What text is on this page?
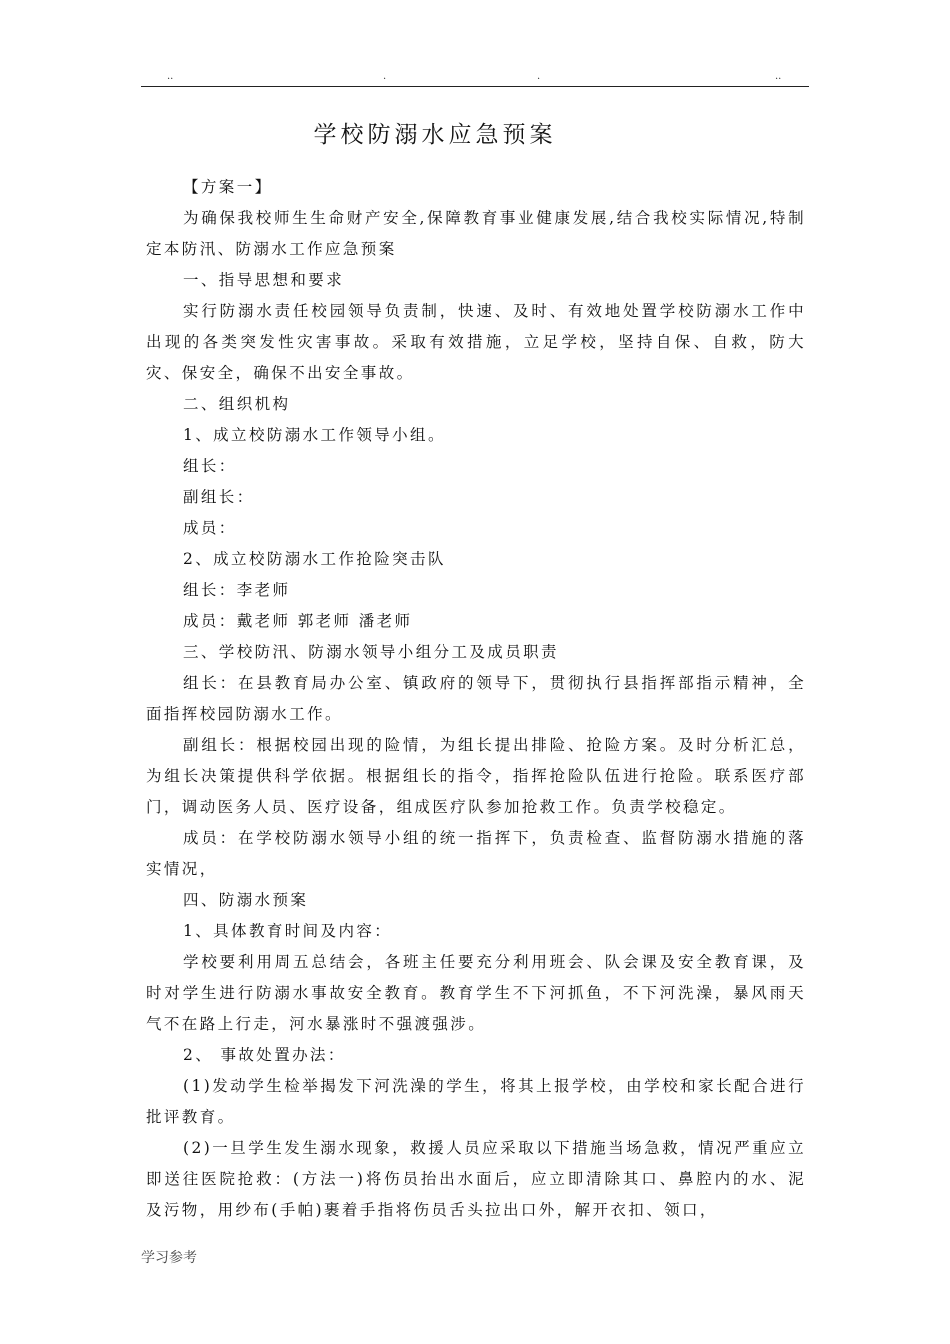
..	.	.	..
学校防溺水应急预案

【方案一】

为确保我校师生生命财产安全,保障教育事业健康发展,结合我校实际情况,特制定本防汛、防溺水工作应急预案

一、指导思想和要求

实行防溺水责任校园领导负责制，快速、及时、有效地处置学校防溺水工作中出现的各类突发性灾害事故。采取有效措施，立足学校，坚持自保、自救，防大灾、保安全，确保不出安全事故。

二、组织机构

1、成立校防溺水工作领导小组。

组长：

副组长：

成员：

2、成立校防溺水工作抢险突击队

组长：李老师

成员：戴老师 郭老师 潘老师

三、学校防汛、防溺水领导小组分工及成员职责

组长：在县教育局办公室、镇政府的领导下，贯彻执行县指挥部指示精神，全面指挥校园防溺水工作。

副组长：根据校园出现的险情，为组长提出排险、抢险方案。及时分析汇总，为组长决策提供科学依据。根据组长的指令，指挥抢险队伍进行抢险。联系医疗部门，调动医务人员、医疗设备，组成医疗队参加抢救工作。负责学校稳定。

成员：在学校防溺水领导小组的统一指挥下，负责检查、监督防溺水措施的落实情况，

四、防溺水预案

1、具体教育时间及内容：

学校要利用周五总结会，各班主任要充分利用班会、队会课及安全教育课，及时对学生进行防溺水事故安全教育。教育学生不下河抓鱼，不下河洗澡，暴风雨天气不在路上行走，河水暴涨时不强渡强涉。

2、 事故处置办法：

(1)发动学生检举揭发下河洗澡的学生，将其上报学校，由学校和家长配合进行批评教育。

(2)一旦学生发生溺水现象，救援人员应采取以下措施当场急救，情况严重应立即送往医院抢救：(方法一)将伤员抬出水面后，应立即清除其口、鼻腔内的水、泥及污物，用纱布(手帕)裹着手指将伤员舌头拉出口外，解开衣扣、领口，

学习参考
